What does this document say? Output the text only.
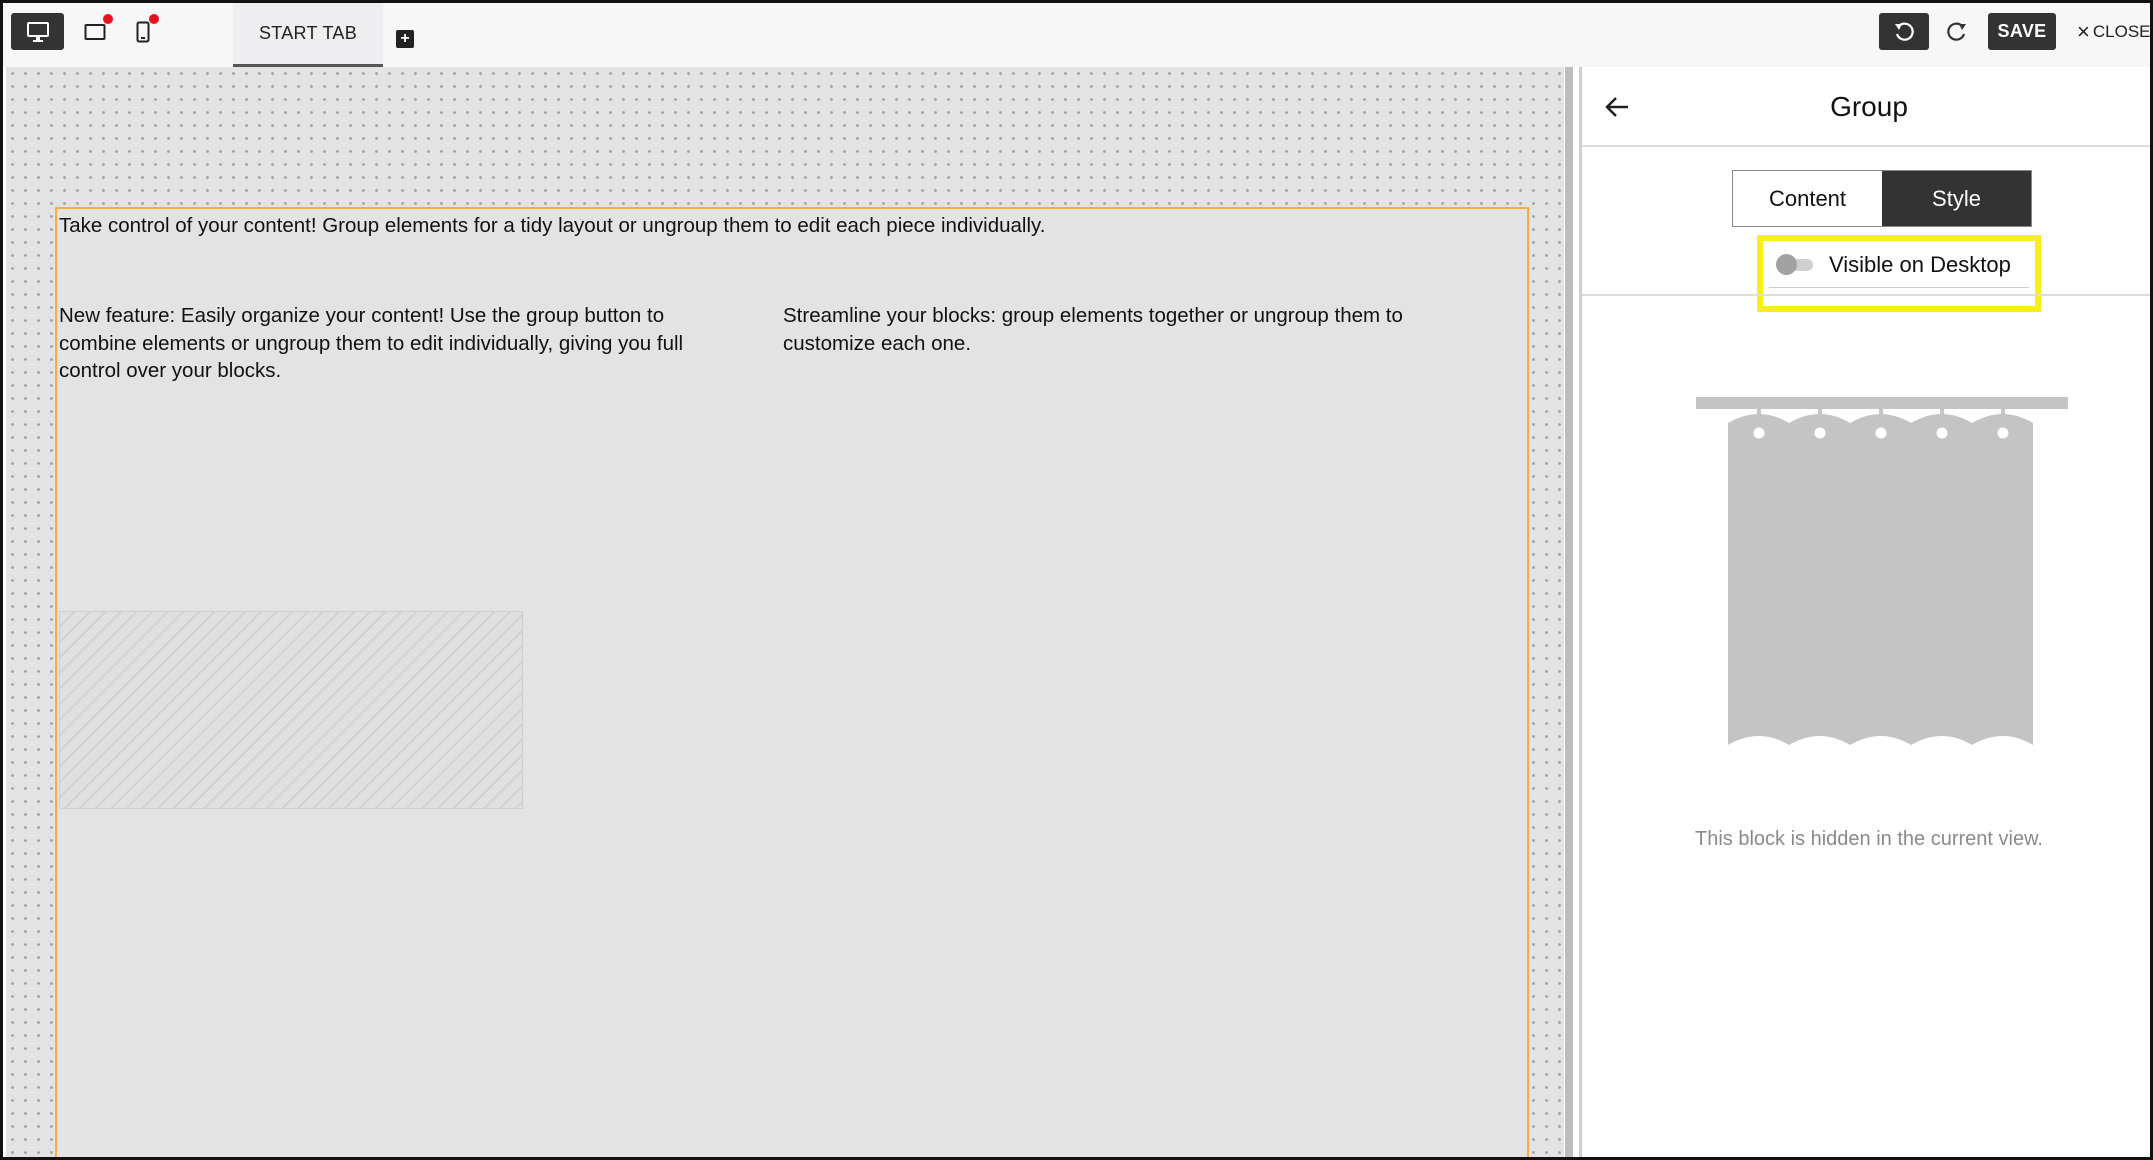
START TAB	+	SAVE	× CLOSE
Take control of your content! Group elements for a tidy layout or ungroup them to edit each piece individually.
New feature: Easily organize your content! Use the group button to combine elements or ungroup them to edit individually, giving you full control over your blocks.
Streamline your blocks: group elements together or ungroup them to customize each one.
Group
Content	Style
Visible on Desktop
This block is hidden in the current view.
